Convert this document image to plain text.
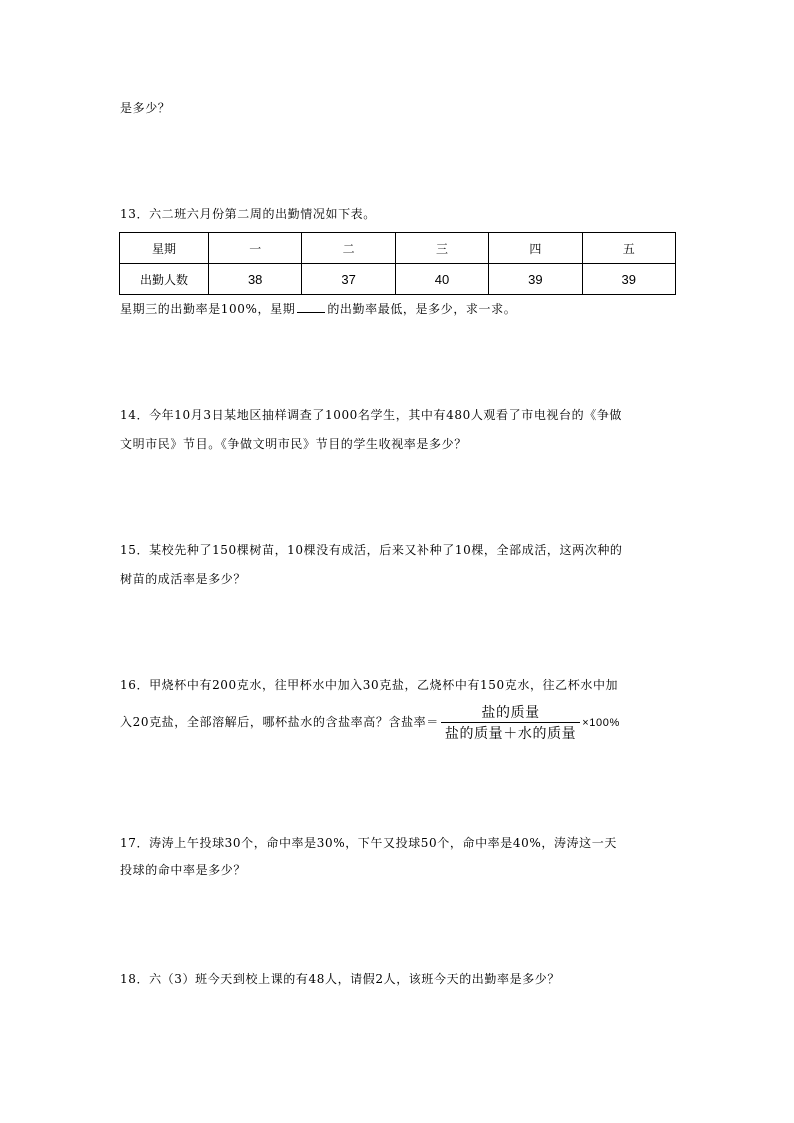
是多少？
13．六二班六月份第二周的出勤情况如下表。
星期	一	二	三	四	五
出勤人数	38	37	40	39	39
星期三的出勤率是100%，星期	的出勤率最低，是多少，求一求。
14．今年10月3日某地区抽样调查了1000名学生，其中有480人观看了市电视台的《争做
文明市民》节目。《争做文明市民》节目的学生收视率是多少？
15．某校先种了150棵树苗，10棵没有成活，后来又补种了10棵，全部成活，这两次种的
树苗的成活率是多少？
16．甲烧杯中有200克水，往甲杯水中加入30克盐，乙烧杯中有150克水，往乙杯水中加
入20克盐，全部溶解后，哪杯盐水的含盐率高？含盐率＝ $\frac{\text{盐的质量}}{\text{盐的质量＋水的质量}} \times 100\%$
17．涛涛上午投球30个，命中率是30%，下午又投球50个，命中率是40%，涛涛这一天
投球的命中率是多少？
18．六（3）班今天到校上课的有48人，请假2人，该班今天的出勤率是多少？
